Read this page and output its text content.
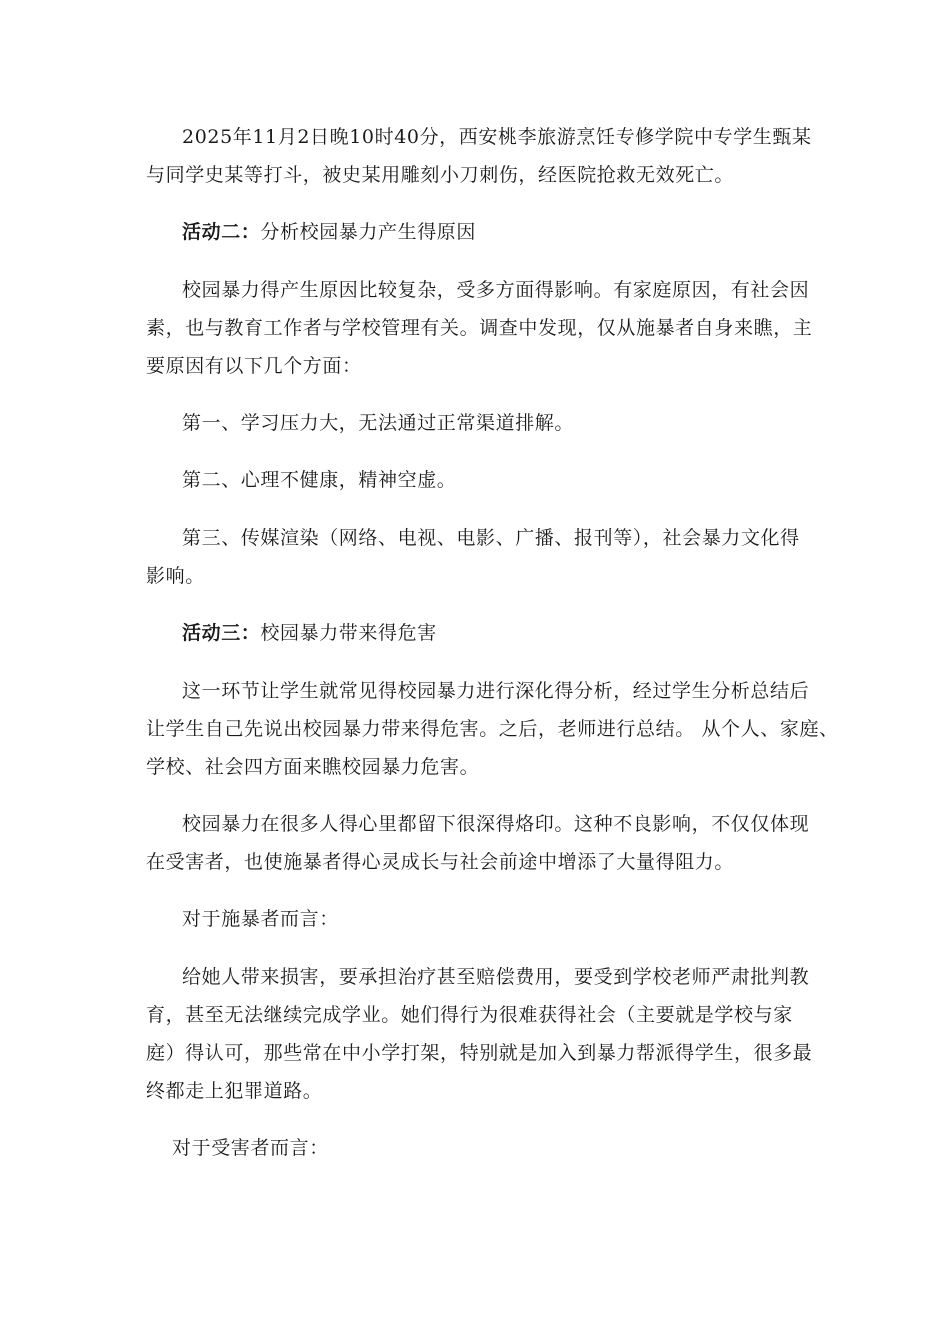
2025年11月2日晚10时40分，西安桃李旅游烹饪专修学院中专学生甄某
与同学史某等打斗，被史某用雕刻小刀刺伤，经医院抢救无效死亡。
活动二：分析校园暴力产生得原因
校园暴力得产生原因比较复杂，受多方面得影响。有家庭原因，有社会因
素，也与教育工作者与学校管理有关。调查中发现，仅从施暴者自身来瞧，主
要原因有以下几个方面：
第一、学习压力大，无法通过正常渠道排解。
第二、心理不健康，精神空虚。
第三、传媒渲染（网络、电视、电影、广播、报刊等），社会暴力文化得
影响。
活动三：校园暴力带来得危害
这一环节让学生就常见得校园暴力进行深化得分析，经过学生分析总结后
让学生自己先说出校园暴力带来得危害。之后，老师进行总结。 从个人、家庭、
学校、社会四方面来瞧校园暴力危害。
校园暴力在很多人得心里都留下很深得烙印。这种不良影响，不仅仅体现
在受害者，也使施暴者得心灵成长与社会前途中增添了大量得阻力。
对于施暴者而言：
给她人带来损害，要承担治疗甚至赔偿费用，要受到学校老师严肃批判教
育，甚至无法继续完成学业。她们得行为很难获得社会（主要就是学校与家
庭）得认可，那些常在中小学打架，特别就是加入到暴力帮派得学生，很多最
终都走上犯罪道路。
对于受害者而言：
